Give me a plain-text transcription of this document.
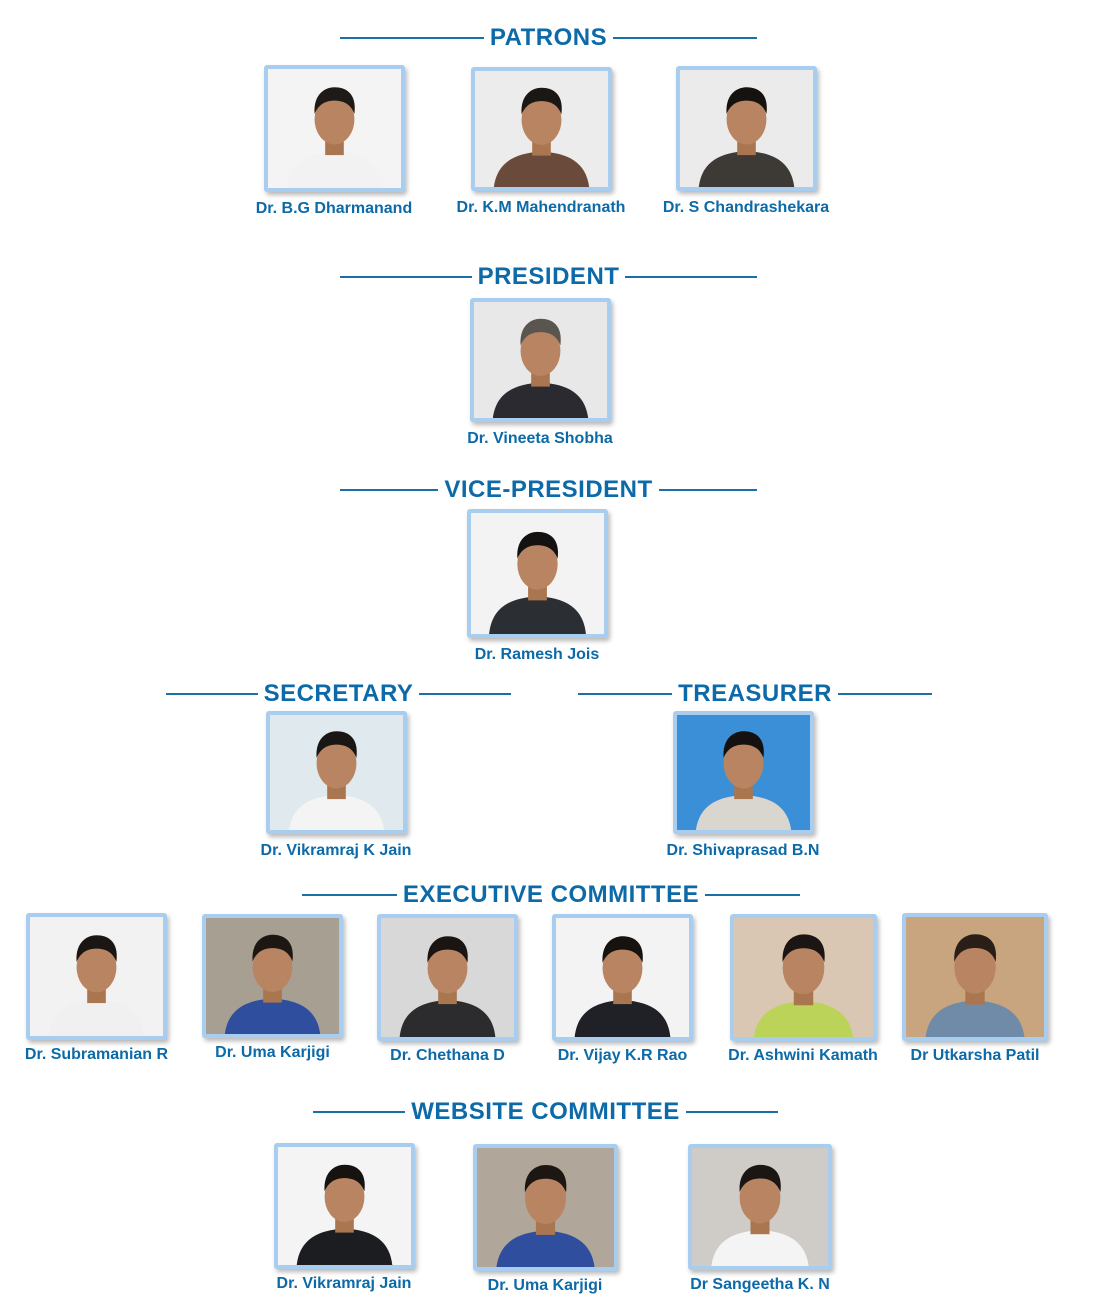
PATRONS
PRESIDENT
VICE-PRESIDENT
SECRETARY	TREASURER
EXECUTIVE COMMITTEE
WEBSITE COMMITTEE
Dr. B.G Dharmanand	Dr. K.M Mahendranath Dr. S Chandrashekara
Dr. Vineeta Shobha
Dr. Ramesh Jois
Dr. Vikramraj K Jain	Dr. Shivaprasad B.N
Dr. Subramanian R	Dr. Uma Karjigi	Dr. Chethana D	Dr. Vijay K.R Rao	Dr. Ashwini Kamath Dr Utkarsha Patil
Dr. Vikramraj Jain	Dr. Uma Karjigi	Dr Sangeetha K. N
